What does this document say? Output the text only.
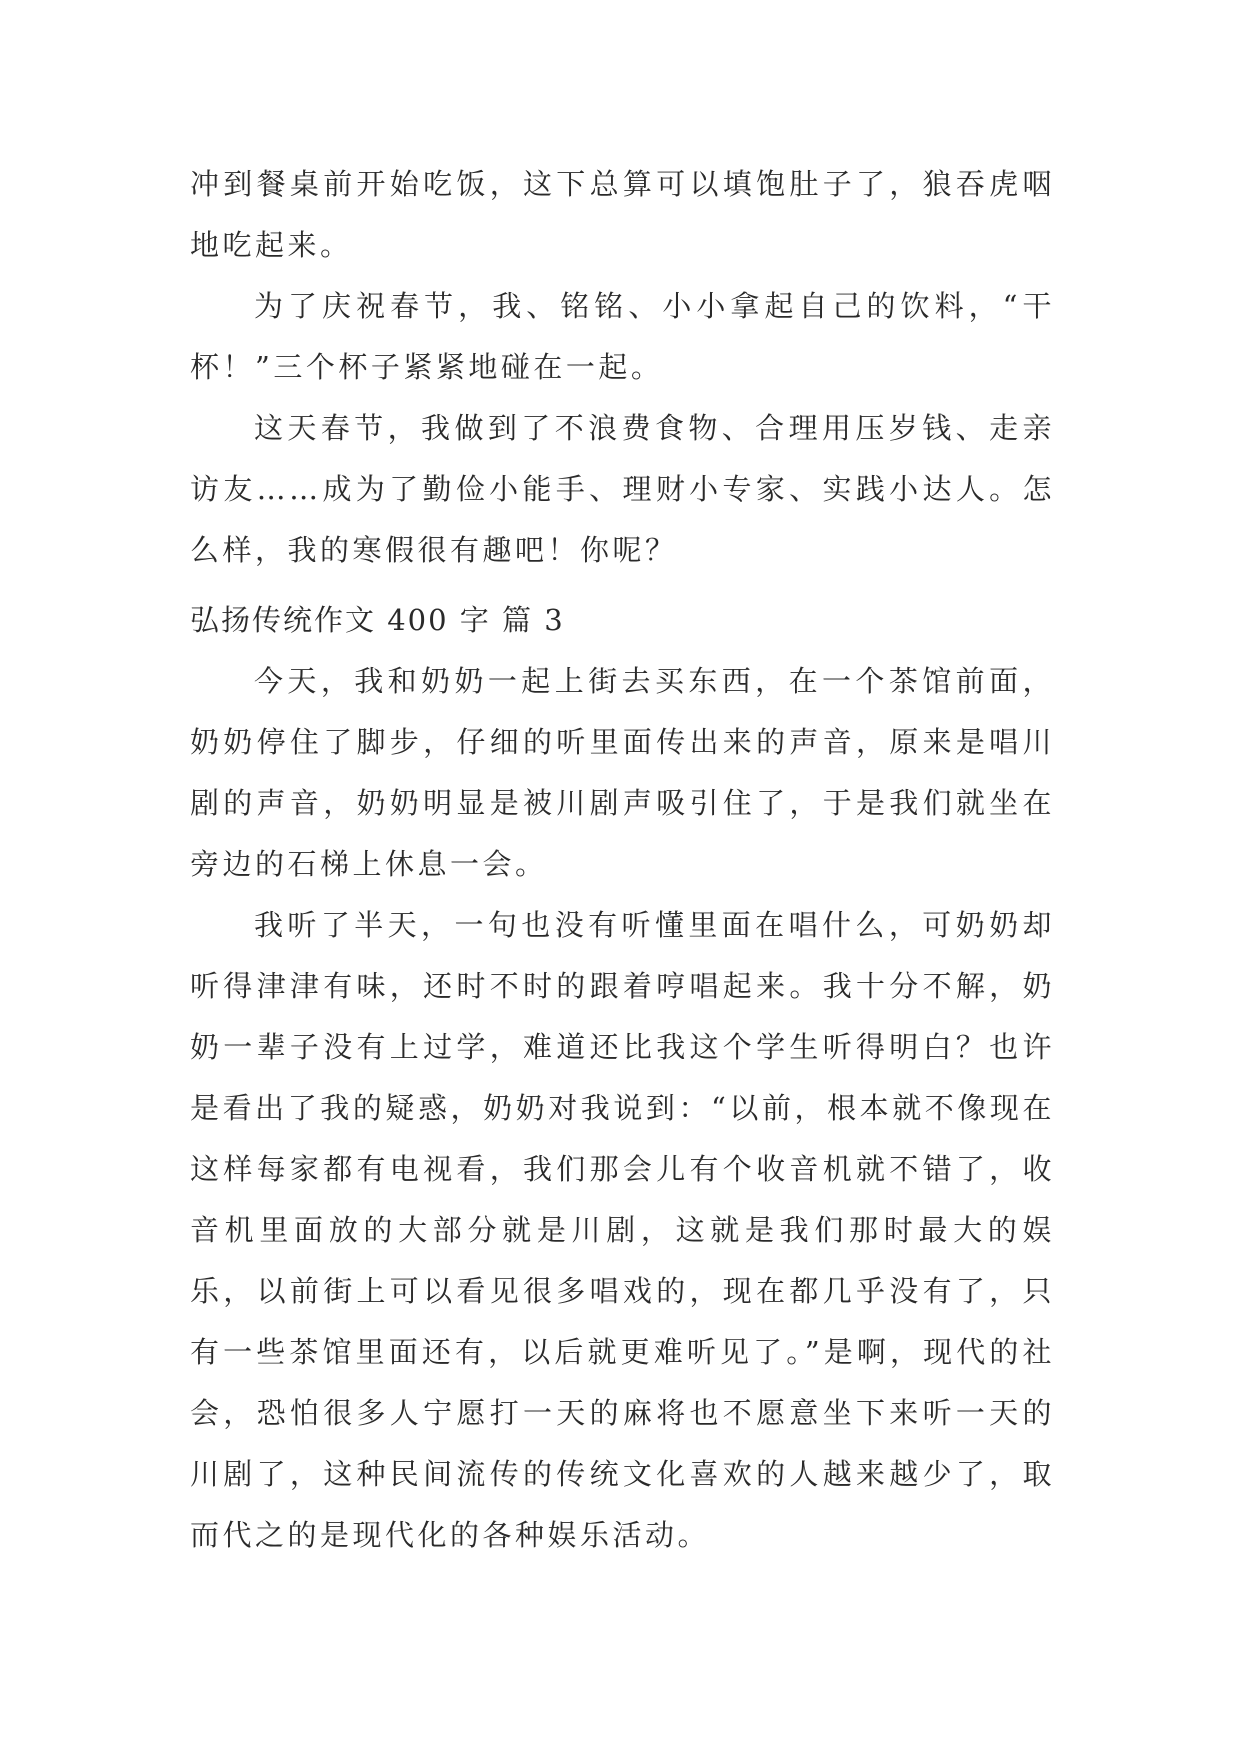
冲到餐桌前开始吃饭，这下总算可以填饱肚子了，狼吞虎咽地吃起来。

为了庆祝春节，我、铭铭、小小拿起自己的饮料，“干杯！”三个杯子紧紧地碰在一起。

这天春节，我做到了不浪费食物、合理用压岁钱、走亲访友……成为了勤俭小能手、理财小专家、实践小达人。怎么样，我的寒假很有趣吧！你呢？

弘扬传统作文 400 字 篇 3

今天，我和奶奶一起上街去买东西，在一个茶馆前面，奶奶停住了脚步，仔细的听里面传出来的声音，原来是唱川剧的声音，奶奶明显是被川剧声吸引住了，于是我们就坐在旁边的石梯上休息一会。

我听了半天，一句也没有听懂里面在唱什么，可奶奶却听得津津有味，还时不时的跟着哼唱起来。我十分不解，奶奶一辈子没有上过学，难道还比我这个学生听得明白？也许是看出了我的疑惑，奶奶对我说到：“以前，根本就不像现在这样每家都有电视看，我们那会儿有个收音机就不错了，收音机里面放的大部分就是川剧，这就是我们那时最大的娱乐，以前街上可以看见很多唱戏的，现在都几乎没有了，只有一些茶馆里面还有，以后就更难听见了。”是啊，现代的社会，恐怕很多人宁愿打一天的麻将也不愿意坐下来听一天的川剧了，这种民间流传的传统文化喜欢的人越来越少了，取而代之的是现代化的各种娱乐活动。
